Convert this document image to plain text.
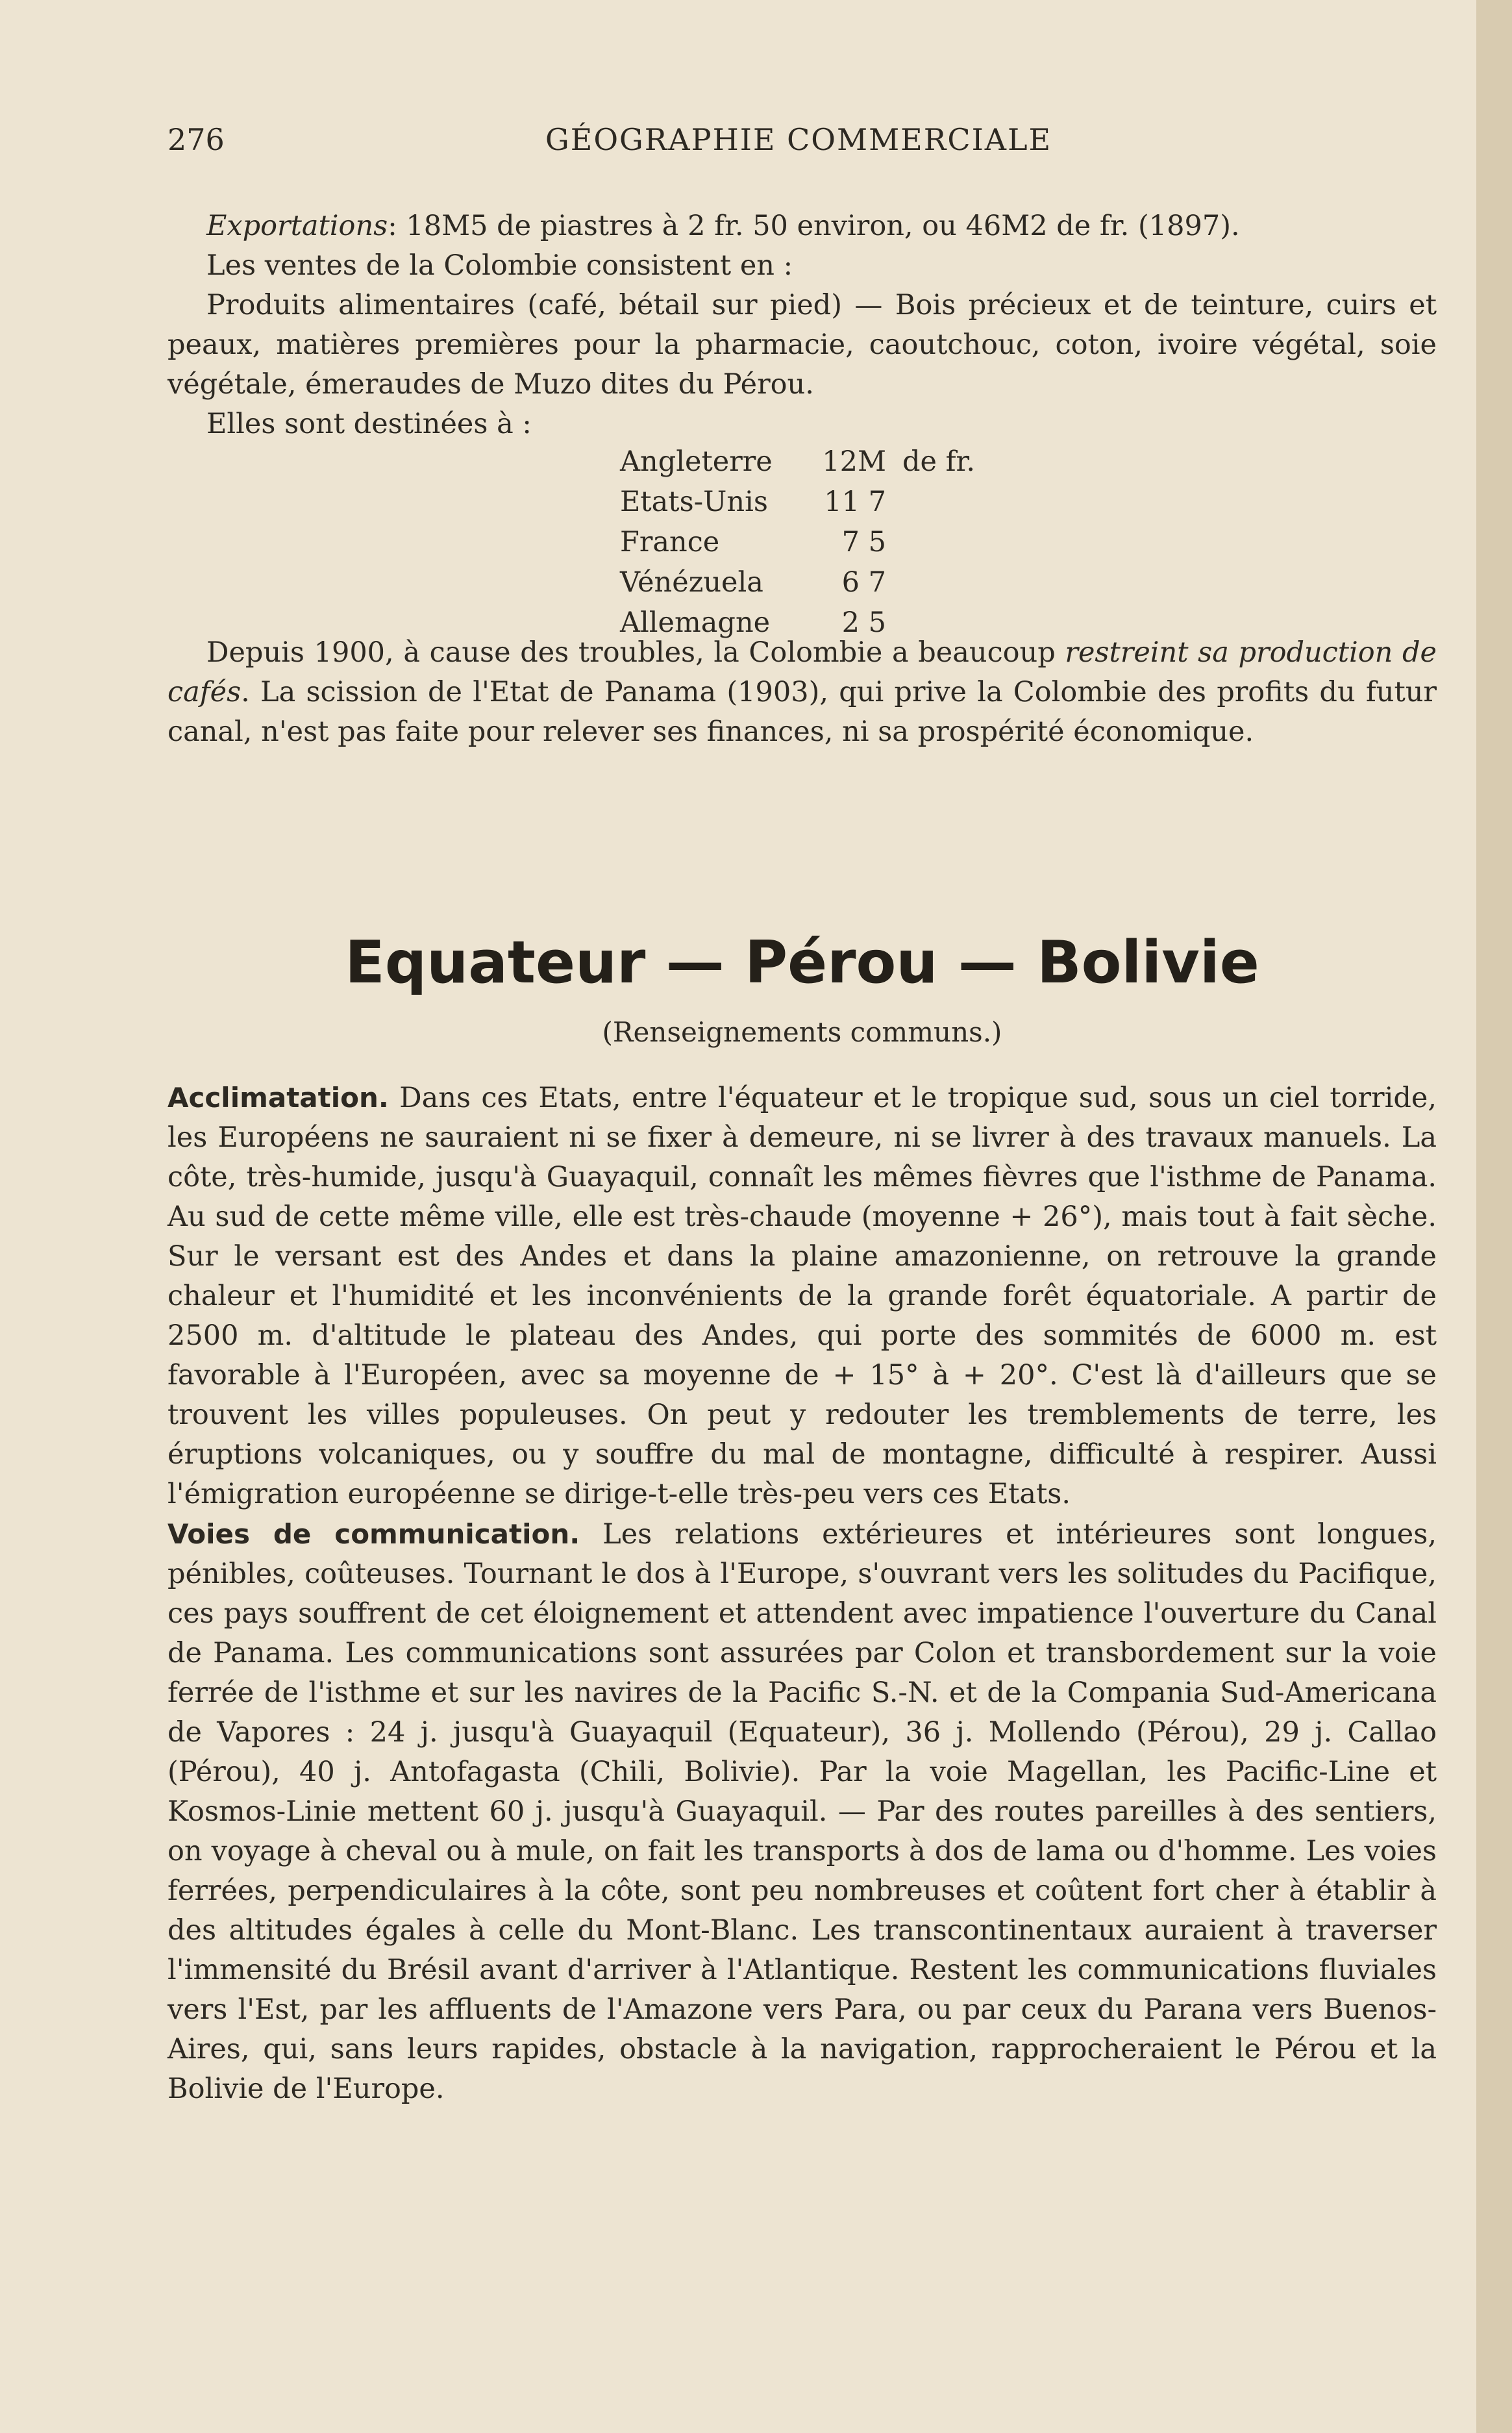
276	GÉOGRAPHIE COMMERCIALE

Exportations: 18M5 de piastres à 2 fr. 50 environ, ou 46M2 de fr. (1897).

Les ventes de la Colombie consistent en :

Produits alimentaires (café, bétail sur pied) — Bois précieux et de teinture, cuirs et peaux, matières premières pour la pharmacie, caoutchouc, coton, ivoire végétal, soie végétale, émeraudes de Muzo dites du Pérou.

Elles sont destinées à :

Angleterre	12M de fr.
Etats-Unis	11 7
France	7 5
Vénézuela	6 7
Allemagne	2 5

Depuis 1900, à cause des troubles, la Colombie a beaucoup restreint sa production de cafés. La scission de l'Etat de Panama (1903), qui prive la Colombie des profits du futur canal, n'est pas faite pour relever ses finances, ni sa prospérité économique.

Equateur — Pérou — Bolivie
(Renseignements communs.)

Acclimatation. Dans ces Etats, entre l'équateur et le tropique sud, sous un ciel torride, les Européens ne sauraient ni se fixer à demeure, ni se livrer à des travaux manuels. La côte, très-humide, jusqu'à Guayaquil, connaît les mêmes fièvres que l'isthme de Panama. Au sud de cette même ville, elle est très-chaude (moyenne + 26°), mais tout à fait sèche. Sur le versant est des Andes et dans la plaine amazonienne, on retrouve la grande chaleur et l'humidité et les inconvénients de la grande forêt équatoriale. A partir de 2500 m. d'altitude le plateau des Andes, qui porte des sommités de 6000 m. est favorable à l'Européen, avec sa moyenne de + 15° à + 20°. C'est là d'ailleurs que se trouvent les villes populeuses. On peut y redouter les tremblements de terre, les éruptions volcaniques, ou y souffre du mal de montagne, difficulté à respirer. Aussi l'émigration européenne se dirige-t-elle très-peu vers ces Etats.

Voies de communication. Les relations extérieures et intérieures sont longues, pénibles, coûteuses. Tournant le dos à l'Europe, s'ouvrant vers les solitudes du Pacifique, ces pays souffrent de cet éloignement et attendent avec impatience l'ouverture du Canal de Panama. Les communications sont assurées par Colon et transbordement sur la voie ferrée de l'isthme et sur les navires de la Pacific S.-N. et de la Compania Sud-Americana de Vapores : 24 j. jusqu'à Guayaquil (Equateur), 36 j. Mollendo (Pérou), 29 j. Callao (Pérou), 40 j. Antofagasta (Chili, Bolivie). Par la voie Magellan, les Pacific-Line et Kosmos-Linie mettent 60 j. jusqu'à Guayaquil. — Par des routes pareilles à des sentiers, on voyage à cheval ou à mule, on fait les transports à dos de lama ou d'homme. Les voies ferrées, perpendiculaires à la côte, sont peu nombreuses et coûtent fort cher à établir à des altitudes égales à celle du Mont-Blanc. Les transcontinentaux auraient à traverser l'immensité du Brésil avant d'arriver à l'Atlantique. Restent les communications fluviales vers l'Est, par les affluents de l'Amazone vers Para, ou par ceux du Parana vers Buenos-Aires, qui, sans leurs rapides, obstacle à la navigation, rapprocheraient le Pérou et la Bolivie de l'Europe.
